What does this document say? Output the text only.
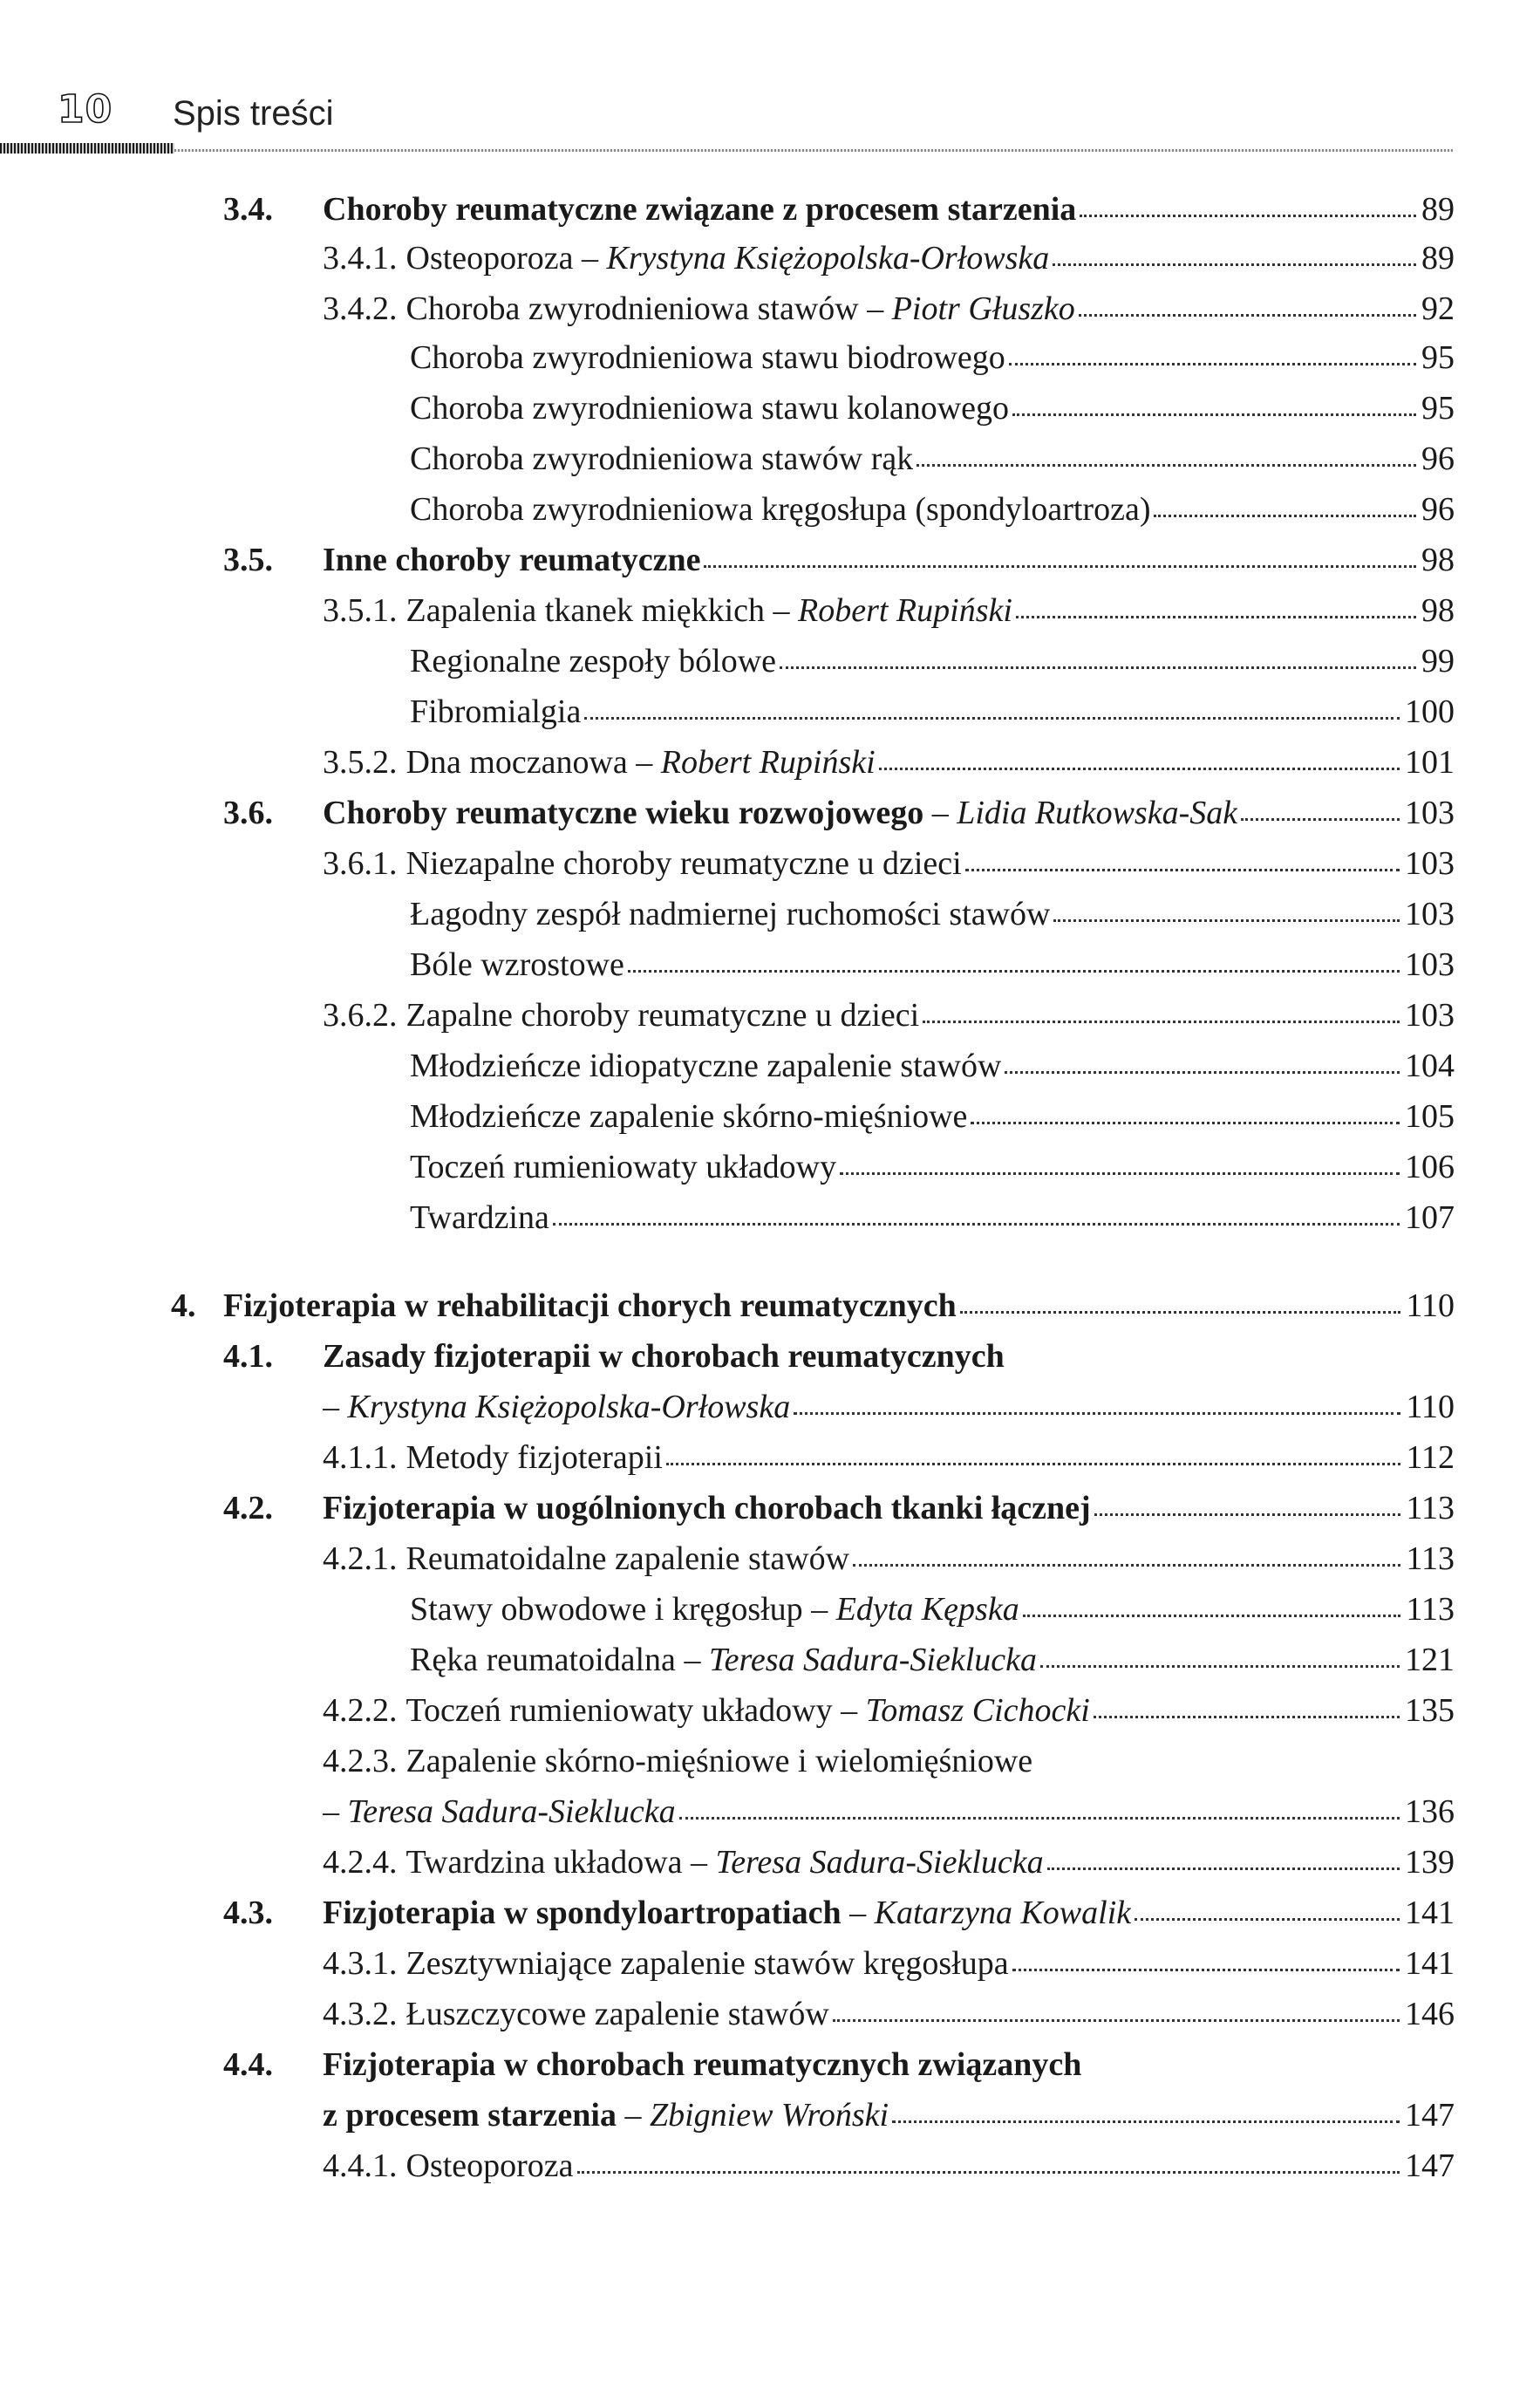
10 Spis treści
3.4.	Choroby reumatyczne związane z procesem starzenia	89
3.4.1. Osteoporoza – Krystyna Księżopolska-Orłowska	89
3.4.2. Choroba zwyrodnieniowa stawów – Piotr Głuszko	92
Choroba zwyrodnieniowa stawu biodrowego	95
Choroba zwyrodnieniowa stawu kolanowego	95
Choroba zwyrodnieniowa stawów rąk	96
Choroba zwyrodnieniowa kręgosłupa (spondyloartroza)	96
3.5.	Inne choroby reumatyczne	98
3.5.1. Zapalenia tkanek miękkich – Robert Rupiński	98
Regionalne zespoły bólowe	99
Fibromialgia	100
3.5.2. Dna moczanowa – Robert Rupiński	101
3.6.	Choroby reumatyczne wieku rozwojowego – Lidia Rutkowska-Sak	103
3.6.1. Niezapalne choroby reumatyczne u dzieci	103
Łagodny zespół nadmiernej ruchomości stawów	103
Bóle wzrostowe	103
3.6.2. Zapalne choroby reumatyczne u dzieci	103
Młodzieńcze idiopatyczne zapalenie stawów	104
Młodzieńcze zapalenie skórno-mięśniowe	105
Toczeń rumieniowaty układowy	106
Twardzina	107
4. Fizjoterapia w rehabilitacji chorych reumatycznych	110
4.1.	Zasady fizjoterapii w chorobach reumatycznych
– Krystyna Księżopolska-Orłowska	110
4.1.1. Metody fizjoterapii	112
4.2.	Fizjoterapia w uogólnionych chorobach tkanki łącznej	113
4.2.1. Reumatoidalne zapalenie stawów	113
Stawy obwodowe i kręgosłup – Edyta Kępska	113
Ręka reumatoidalna – Teresa Sadura-Sieklucka	121
4.2.2. Toczeń rumieniowaty układowy – Tomasz Cichocki	135
4.2.3. Zapalenie skórno-mięśniowe i wielomięśniowe
– Teresa Sadura-Sieklucka	136
4.2.4. Twardzina układowa – Teresa Sadura-Sieklucka	139
4.3.	Fizjoterapia w spondyloartropatiach – Katarzyna Kowalik	141
4.3.1. Zesztywniające zapalenie stawów kręgosłupa	141
4.3.2. Łuszczycowe zapalenie stawów	146
4.4.	Fizjoterapia w chorobach reumatycznych związanych
z procesem starzenia – Zbigniew Wroński	147
4.4.1. Osteoporoza	147
